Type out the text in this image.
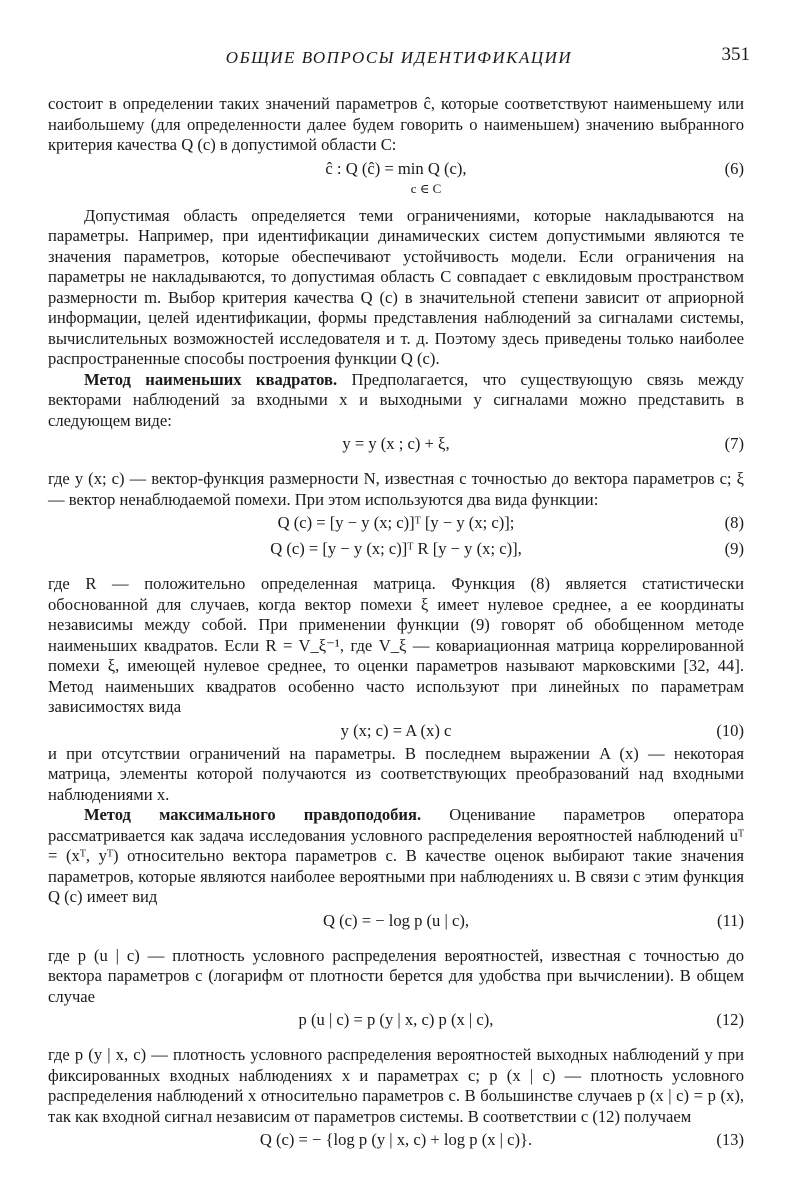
ОБЩИЕ ВОПРОСЫ ИДЕНТИФИКАЦИИ	351

состоит в определении таких значений параметров ĉ, которые соответствуют наименьшему или наибольшему (для определенности далее будем говорить о наименьшем) значению выбранного критерия качества Q (c) в допустимой области C:

ĉ : Q (ĉ) = min Q (c),
c ∈ C
(6)

Допустимая область определяется теми ограничениями, которые накладываются на параметры. Например, при идентификации динамических систем допустимыми являются те значения параметров, которые обеспечивают устойчивость модели. Если ограничения на параметры не накладываются, то допустимая область C совпадает с евклидовым пространством размерности m. Выбор критерия качества Q (c) в значительной степени зависит от априорной информации, целей идентификации, формы представления наблюдений за сигналами системы, вычислительных возможностей исследователя и т. д. Поэтому здесь приведены только наиболее распространенные способы построения функции Q (c).

Метод наименьших квадратов. Предполагается, что существующую связь между векторами наблюдений за входными x и выходными y сигналами можно представить в следующем виде:

y = y (x ; c) + ξ,	(7)

где y (x; c) — вектор-функция размерности N, известная с точностью до вектора параметров c; ξ — вектор ненаблюдаемой помехи. При этом используются два вида функции:

Q (c) = [y − y (x; c)]ᵀ [y − y (x; c)];	(8)
Q (c) = [y − y (x; c)]ᵀ R [y − y (x; c)],	(9)

где R — положительно определенная матрица. Функция (8) является статистически обоснованной для случаев, когда вектор помехи ξ имеет нулевое среднее, а ее координаты независимы между собой. При применении функции (9) говорят об обобщенном методе наименьших квадратов. Если R = V_ξ⁻¹, где V_ξ — ковариационная матрица коррелированной помехи ξ, имеющей нулевое среднее, то оценки параметров называют марковскими [32, 44]. Метод наименьших квадратов особенно часто используют при линейных по параметрам зависимостях вида

y (x; c) = A (x) c	(10)

и при отсутствии ограничений на параметры. В последнем выражении A (x) — некоторая матрица, элементы которой получаются из соответствующих преобразований над входными наблюдениями x.

Метод максимального правдоподобия. Оценивание параметров оператора рассматривается как задача исследования условного распределения вероятностей наблюдений uᵀ = (xᵀ, yᵀ) относительно вектора параметров c. В качестве оценок выбирают такие значения параметров, которые являются наиболее вероятными при наблюдениях u. В связи с этим функция Q (c) имеет вид

Q (c) = − log p (u | c),	(11)

где p (u | c) — плотность условного распределения вероятностей, известная с точностью до вектора параметров c (логарифм от плотности берется для удобства при вычислении). В общем случае

p (u | c) = p (y | x, c) p (x | c),	(12)

где p (y | x, c) — плотность условного распределения вероятностей выходных наблюдений y при фиксированных входных наблюдениях x и параметрах c; p (x | c) — плотность условного распределения наблюдений x относительно параметров c. В большинстве случаев p (x | c) = p (x), так как входной сигнал независим от параметров системы. В соответствии с (12) получаем

Q (c) = − {log p (y | x, c) + log p (x | c)}.	(13)
